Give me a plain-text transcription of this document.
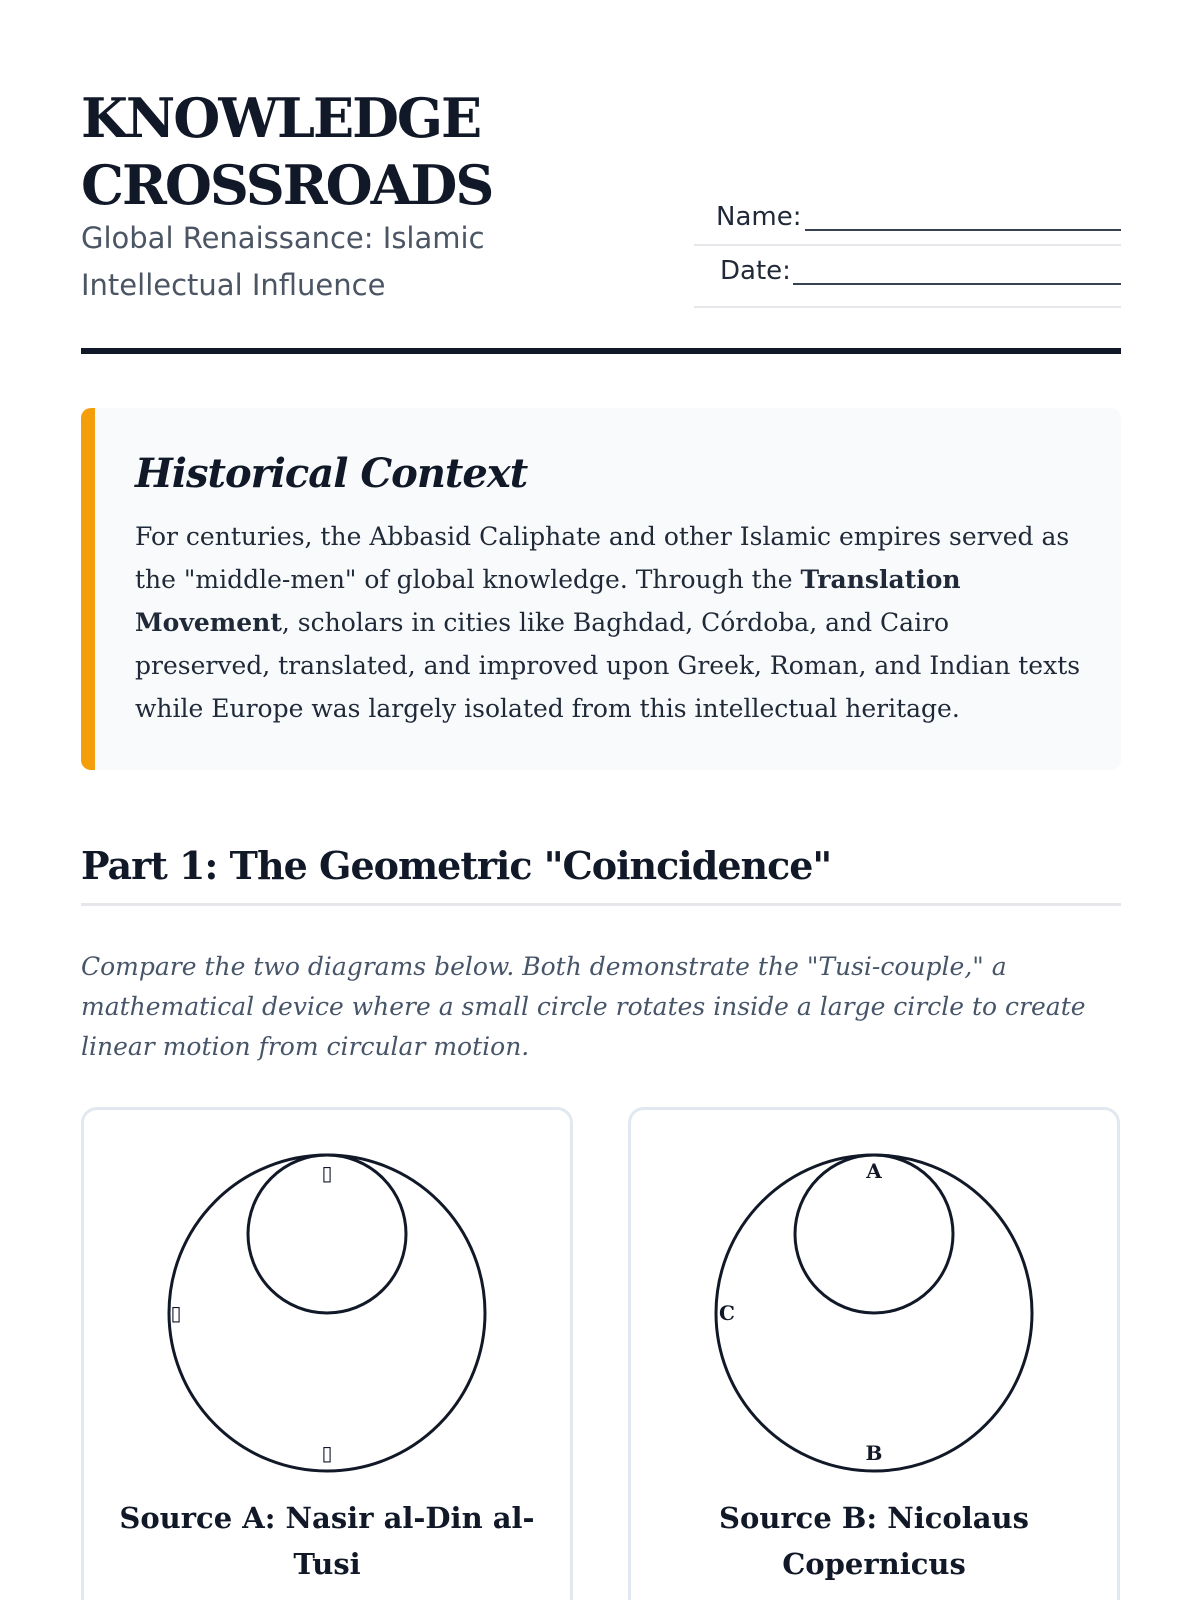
KNOWLEDGE
CROSSROADS

Global Renaissance: Islamic Intellectual Influence

Name:
Date:
Historical Context

For centuries, the Abbasid Caliphate and other Islamic empires served as the "middle-men" of global knowledge. Through the Translation Movement, scholars in cities like Baghdad, Córdoba, and Cairo preserved, translated, and improved upon Greek, Roman, and Indian texts while Europe was largely isolated from this intellectual heritage.

Part 1: The Geometric "Coincidence"

Compare the two diagrams below. Both demonstrate the "Tusi-couple," a mathematical device where a small circle rotates inside a large circle to create linear motion from circular motion.

▯
▯
▯

Source A: Nasir al-Din al-Tusi

A
C
B

Source B: Nicolaus Copernicus
